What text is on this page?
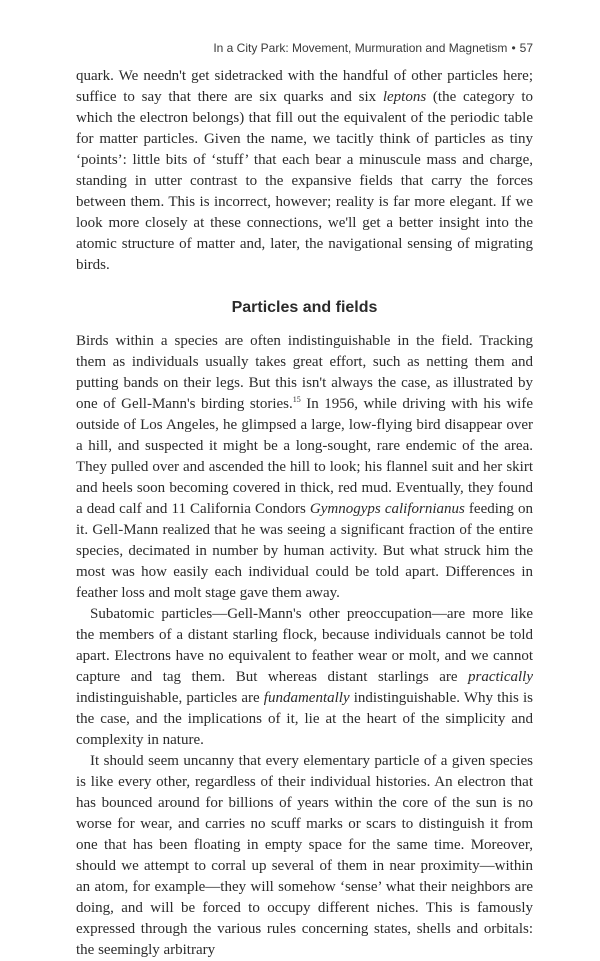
In a City Park: Movement, Murmuration and Magnetism • 57

quark. We needn't get sidetracked with the handful of other particles here; suffice to say that there are six quarks and six leptons (the category to which the electron belongs) that fill out the equivalent of the periodic table for matter particles. Given the name, we tacitly think of particles as tiny ‘points’: little bits of ‘stuff’ that each bear a minuscule mass and charge, standing in utter contrast to the expansive fields that carry the forces between them. This is incorrect, however; reality is far more elegant. If we look more closely at these connections, we'll get a better insight into the atomic structure of matter and, later, the navigational sensing of migrating birds.

Particles and fields

Birds within a species are often indistinguishable in the field. Tracking them as individuals usually takes great effort, such as netting them and putting bands on their legs. But this isn't always the case, as illustrated by one of Gell-Mann's birding stories.$^{15}$ In 1956, while driving with his wife outside of Los Angeles, he glimpsed a large, low-flying bird disappear over a hill, and suspected it might be a long-sought, rare endemic of the area. They pulled over and ascended the hill to look; his flannel suit and her skirt and heels soon becoming covered in thick, red mud. Eventually, they found a dead calf and 11 California Condors Gymnogyps californianus feeding on it. Gell-Mann realized that he was seeing a significant fraction of the entire species, decimated in number by human activity. But what struck him the most was how easily each individual could be told apart. Differences in feather loss and molt stage gave them away.

Subatomic particles—Gell-Mann's other preoccupation—are more like the members of a distant starling flock, because individuals cannot be told apart. Electrons have no equivalent to feather wear or molt, and we cannot capture and tag them. But whereas distant starlings are practically indistinguishable, particles are fundamentally indistinguishable. Why this is the case, and the implications of it, lie at the heart of the simplicity and complexity in nature.

It should seem uncanny that every elementary particle of a given species is like every other, regardless of their individual histories. An electron that has bounced around for billions of years within the core of the sun is no worse for wear, and carries no scuff marks or scars to distinguish it from one that has been floating in empty space for the same time. Moreover, should we attempt to corral up several of them in near proximity—within an atom, for example—they will somehow ‘sense’ what their neighbors are doing, and will be forced to occupy different niches. This is famously expressed through the various rules concerning states, shells and orbitals: the seemingly arbitrary
